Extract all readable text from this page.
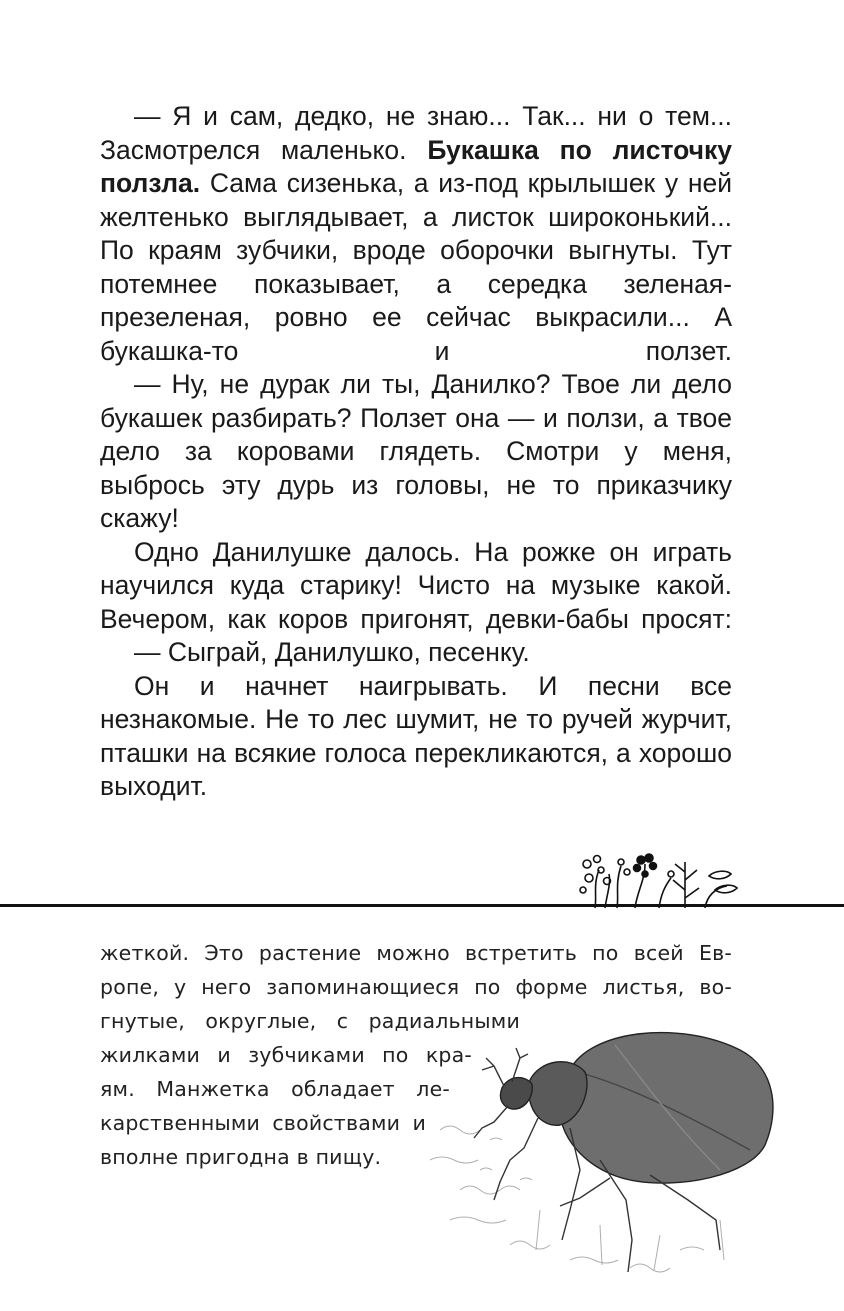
— Я и сам, дедко, не знаю... Так... ни о тем... Засмотрелся маленько. Букашка по листочку ползла. Сама сизенька, а из-под крылышек у ней желтенько выглядывает, а листок широконький... По краям зубчики, вроде оборочки выгнуты. Тут потемнее показывает, а середка зеленая-презеленая, ровно ее сейчас выкрасили... А букашка-то и ползет.

— Ну, не дурак ли ты, Данилко? Твое ли дело букашек разбирать? Ползет она — и ползи, а твое дело за коровами глядеть. Смотри у меня, выбрось эту дурь из головы, не то приказчику скажу!

Одно Данилушке далось. На рожке он играть научился куда старику! Чисто на музыке какой. Вечером, как коров пригонят, девки-бабы просят:

— Сыграй, Данилушко, песенку.

Он и начнет наигрывать. И песни все незнакомые. Не то лес шумит, не то ручей журчит, пташки на всякие голоса перекликаются, а хорошо выходит.

жеткой. Это растение можно встретить по всей Ев-
ропе, у него запоминающиеся по форме листья, во-
гнутые, округлые, с радиальными
жилками и зубчиками по кра-
ям. Манжетка обладает ле-
карственными свойствами и
вполне пригодна в пищу.
